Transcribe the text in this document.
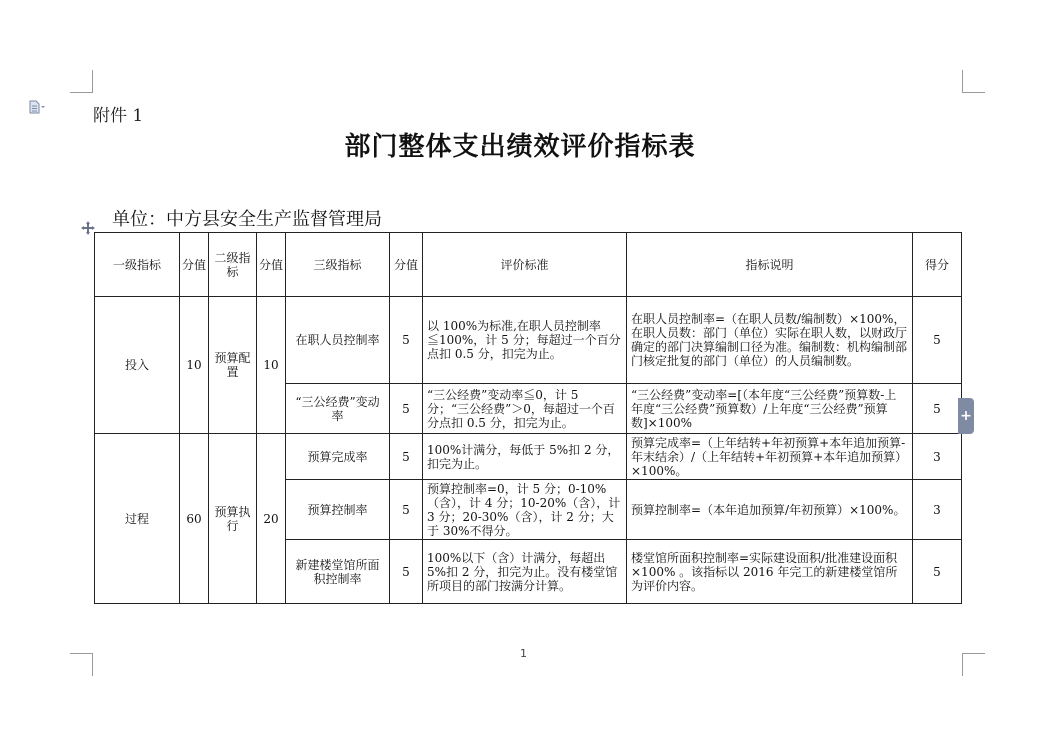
附件 1
部门整体支出绩效评价指标表
单位：中方县安全生产监督管理局
一级指标	分值	二级指标	分值	三级指标	分值	评价标准	指标说明	得分
投入	10	预算配置	10	在职人员控制率	5	以 100%为标准,在职人员控制率≦100%，计 5 分；每超过一个百分点扣 0.5 分，扣完为止。	在职人员控制率=（在职人员数/编制数）×100%，在职人员数：部门（单位）实际在职人数，以财政厅确定的部门决算编制口径为准。编制数：机构编制部门核定批复的部门（单位）的人员编制数。	5
				“三公经费”变动率	5	“三公经费”变动率≦0，计 5 分；“三公经费”＞0，每超过一个百分点扣 0.5 分，扣完为止。	“三公经费”变动率=[（本年度“三公经费”预算数-上年度“三公经费”预算数）/上年度“三公经费”预算数]×100%	5
过程	60	预算执行	20	预算完成率	5	100%计满分，每低于 5%扣 2 分，扣完为止。	预算完成率=（上年结转+年初预算+本年追加预算-年末结余）/（上年结转+年初预算+本年追加预算）×100%。	3
				预算控制率	5	预算控制率=0，计 5 分；0-10%（含），计 4 分；10-20%（含），计 3 分；20-30%（含），计 2 分；大于 30%不得分。	预算控制率=（本年追加预算/年初预算）×100%。	3
				新建楼堂馆所面积控制率	5	100%以下（含）计满分，每超出5%扣 2 分，扣完为止。没有楼堂馆所项目的部门按满分计算。	楼堂馆所面积控制率=实际建设面积/批准建设面积×100% 。该指标以 2016 年完工的新建楼堂馆所为评价内容。	5
+
1
